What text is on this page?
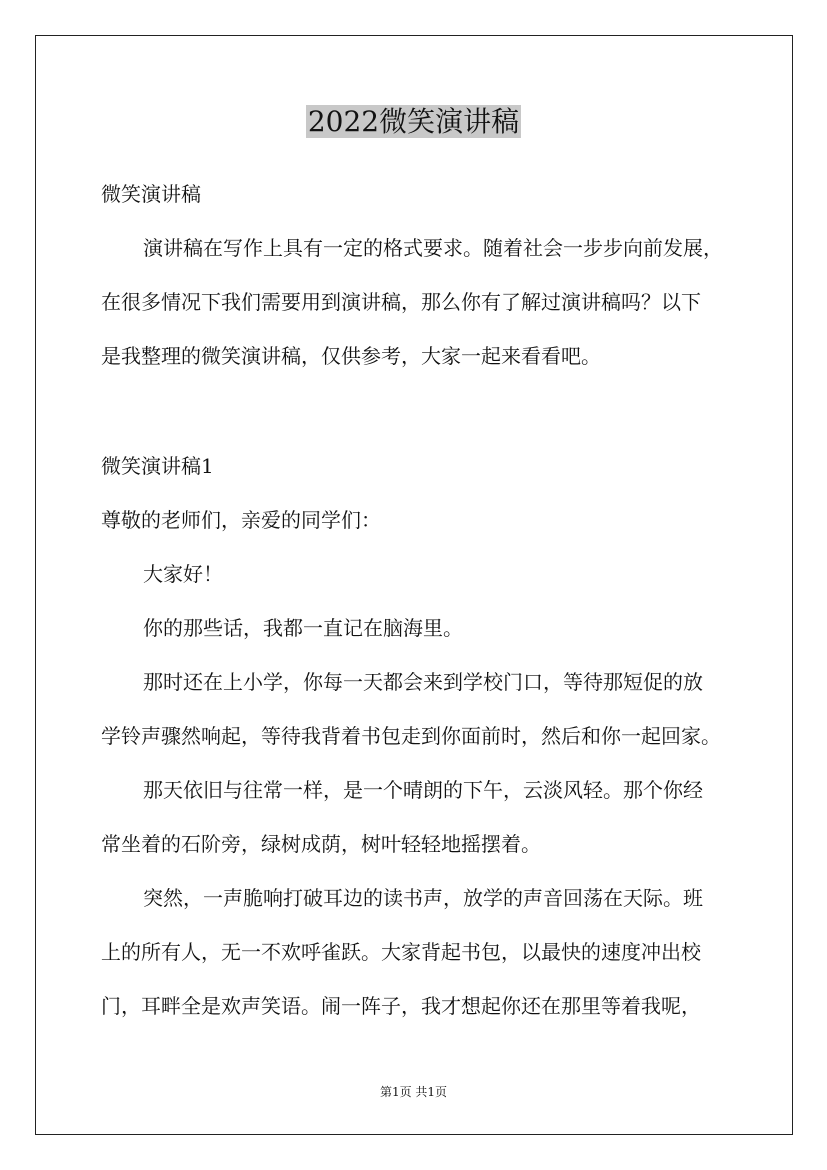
2022微笑演讲稿
微笑演讲稿
演讲稿在写作上具有一定的格式要求。随着社会一步步向前发展，
在很多情况下我们需要用到演讲稿，那么你有了解过演讲稿吗？以下
是我整理的微笑演讲稿，仅供参考，大家一起来看看吧。
微笑演讲稿1
尊敬的老师们，亲爱的同学们：
大家好！
你的那些话，我都一直记在脑海里。
那时还在上小学，你每一天都会来到学校门口，等待那短促的放
学铃声骤然响起，等待我背着书包走到你面前时，然后和你一起回家。
那天依旧与往常一样，是一个晴朗的下午，云淡风轻。那个你经
常坐着的石阶旁，绿树成荫，树叶轻轻地摇摆着。
突然，一声脆响打破耳边的读书声，放学的声音回荡在天际。班
上的所有人，无一不欢呼雀跃。大家背起书包，以最快的速度冲出校
门，耳畔全是欢声笑语。闹一阵子，我才想起你还在那里等着我呢，
第1页 共1页
